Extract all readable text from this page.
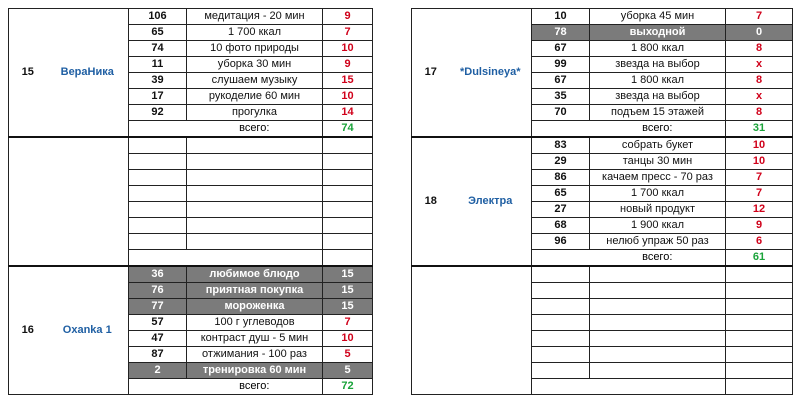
15	ВераНика	106	медитация - 20 мин	9
		65	1 700 ккал	7
		74	10 фото природы	10
		11	уборка 30 мин	9
		39	слушаем музыку	15
		17	рукоделие 60 мин	10
		92	прогулка	14
			всего:	74

16	Oxanka 1	36	любимое блюдо	15
		76	приятная покупка	15
		77	мороженка	15
		57	100 г углеводов	7
		47	контраст душ - 5 мин	10
		87	отжимания - 100 раз	5
		2	тренировка 60 мин	5
			всего:	72
17	*Dulsineya*	10	уборка 45 мин	7
		78	выходной	0
		67	1 800 ккал	8
		99	звезда на выбор	x
		67	1 800 ккал	8
		35	звезда на выбор	x
		70	подъем 15 этажей	8
			всего:	31
18	Электра	83	собрать букет	10
		29	танцы 30 мин	10
		86	качаем пресс - 70 раз	7
		65	1 700 ккал	7
		27	новый продукт	12
		68	1 900 ккал	9
		96	нелюб упраж 50 раз	6
			всего:	61
